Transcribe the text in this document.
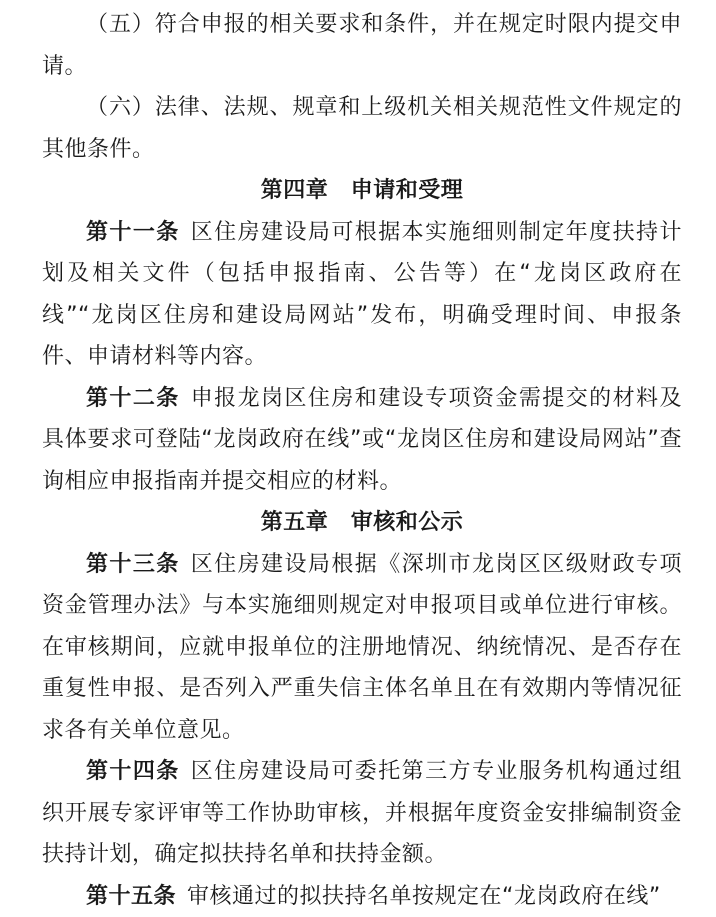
（五）符合申报的相关要求和条件，并在规定时限内提交申请。

（六）法律、法规、规章和上级机关相关规范性文件规定的其他条件。

第四章　申请和受理

第十一条 区住房建设局可根据本实施细则制定年度扶持计划及相关文件（包括申报指南、公告等）在“龙岗区政府在线”“龙岗区住房和建设局网站”发布，明确受理时间、申报条件、申请材料等内容。

第十二条 申报龙岗区住房和建设专项资金需提交的材料及具体要求可登陆“龙岗政府在线”或“龙岗区住房和建设局网站”查询相应申报指南并提交相应的材料。

第五章　审核和公示

第十三条 区住房建设局根据《深圳市龙岗区区级财政专项资金管理办法》与本实施细则规定对申报项目或单位进行审核。在审核期间，应就申报单位的注册地情况、纳统情况、是否存在重复性申报、是否列入严重失信主体名单且在有效期内等情况征求各有关单位意见。

第十四条 区住房建设局可委托第三方专业服务机构通过组织开展专家评审等工作协助审核，并根据年度资金安排编制资金扶持计划，确定拟扶持名单和扶持金额。

第十五条 审核通过的拟扶持名单按规定在“龙岗政府在线”
